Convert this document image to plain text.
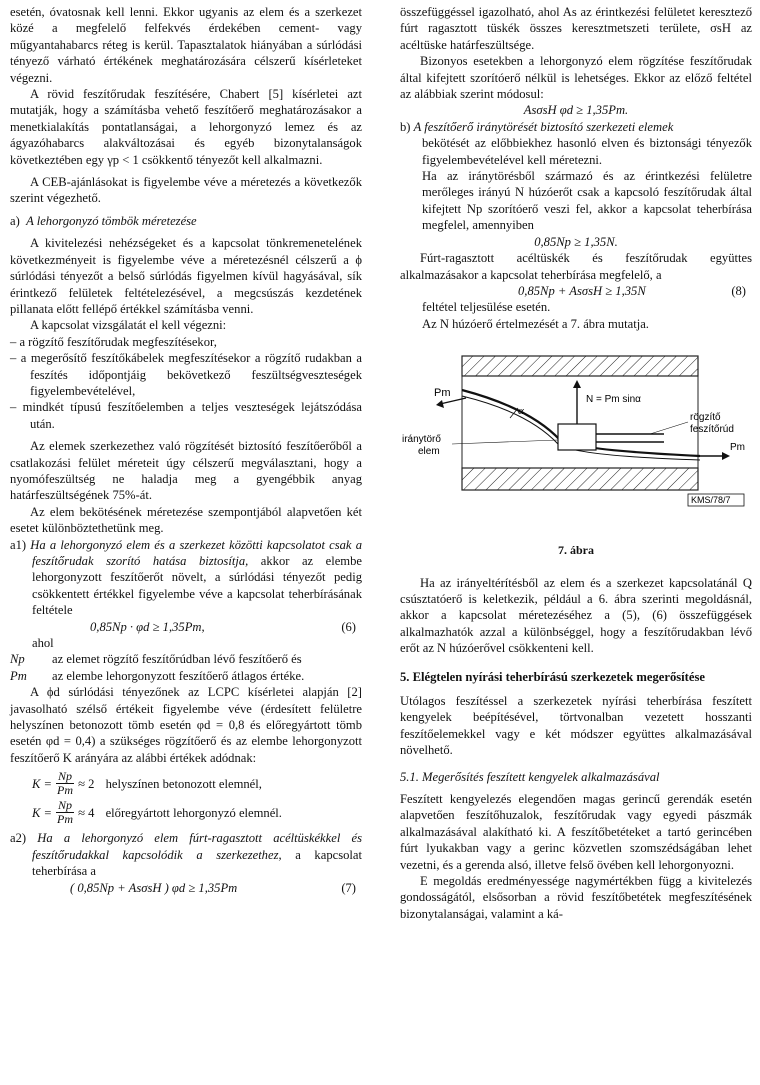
esetén, óvatosnak kell lenni. Ekkor ugyanis az elem és a szerkezet közé a megfelelő felfekvés érdekében cement- vagy műgyantahabarcs réteg is kerül. Tapasztalatok hiányában a súrlódási tényező várható értékének meghatározására célszerű kísérleteket végezni.

A rövid feszítőrudak feszítésére, Chabert [5] kísérletei azt mutatják, hogy a számításba vehető feszítőerő meghatározásakor a menetkialakítás pontatlanságai, a lehorgonyzó lemez és az ágyazóhabarcs alakváltozásai és egyéb bizonytalanságok következtében egy γp < 1 csökkentő tényezőt kell alkalmazni.

A CEB-ajánlásokat is figyelembe véve a méretezés a következők szerint végezhető.

a) A lehorgonyzó tömbök méretezése

A kivitelezési nehézségeket és a kapcsolat tönkremenetelének következményeit is figyelembe véve a méretezésnél célszerű a ϕ súrlódási tényezőt a belső súrlódás figyelmen kívül hagyásával, sík érintkező felületek feltételezésével, a megcsúszás kezdetének pillanata előtt fellépő értékkel számításba venni.

A kapcsolat vizsgálatát el kell végezni:

– a rögzítő feszítőrudak megfeszítésekor,

– a megerősítő feszítőkábelek megfeszítésekor a rögzítő rudakban a feszítés időpontjáig bekövetkező feszültségveszteségek figyelembevételével,

– mindkét típusú feszítőelemben a teljes veszteségek lejátszódása után.

Az elemek szerkezethez való rögzítését biztosító feszítőerőből a csatlakozási felület méreteit úgy célszerű megválasztani, hogy a nyomófeszültség ne haladja meg a gyengébbik anyag határfeszültségének 75%-át.

Az elem bekötésének méretezése szempontjából alapvetően két esetet különböztethetünk meg.

a1) Ha a lehorgonyzó elem és a szerkezet közötti kapcsolatot csak a feszítőrudak szorító hatása biztosítja, akkor az elembe lehorgonyzott feszítőerőt növelt, a súrlódási tényezőt pedig csökkentett értékkel figyelembe véve a kapcsolat teherbírásának feltétele

0,85Np · φd ≥ 1,35Pm,	(6)

ahol

Np	az elemet rögzítő feszítőrúdban lévő feszítőerő és
Pm	az elembe lehorgonyzott feszítőerő átlagos értéke.

A ϕd súrlódási tényezőnek az LCPC kísérletei alapján [2] javasolható szélső értékeit figyelembe véve (érdesített felületre helyszínen betonozott tömb esetén φd = 0,8 és előregyártott tömb esetén φd = 0,4) a szükséges rögzítőerő és az elembe lehorgonyzott feszítőerő K arányára az alábbi értékek adódnak:

$K = \frac{Np}{Pm} \approx 2$
helyszínen betonozott elemnél,
$K = \frac{Np}{Pm} \approx 4$
előregyártott lehorgonyzó elemnél.

a2) Ha a lehorgonyzó elem fúrt-ragasztott acéltüskékkel és feszítőrudakkal kapcsolódik a szerkezethez, a kapcsolat teherbírása a

( 0,85Np + AsσsH ) φd ≥ 1,35Pm	(7)

összefüggéssel igazolható, ahol As az érintkezési felületet keresztező fúrt ragasztott tüskék összes keresztmetszeti területe, σsH az acéltüske határfeszültsége.

Bizonyos esetekben a lehorgonyzó elem rögzítése feszítőrudak által kifejtett szorítóerő nélkül is lehetséges. Ekkor az előző feltétel az alábbiak szerint módosul:

AsσsH φd ≥ 1,35Pm.

b) A feszítőerő iránytörését biztosító szerkezeti elemek

bekötését az előbbiekhez hasonló elven és biztonsági tényezők figyelembevételével kell méretezni.

Ha az iránytörésből származó és az érintkezési felületre merőleges irányú N húzóerőt csak a kapcsoló feszítőrudak által kifejtett Np szorítóerő veszi fel, akkor a kapcsolat teherbírása megfelel, amennyiben

0,85Np ≥ 1,35N.

Fúrt-ragasztott acéltüskék és feszítőrudak együttes alkalmazásakor a kapcsolat teherbírása megfelelő, a

0,85Np + AsσsH ≥ 1,35N	(8)

feltétel teljesülése esetén.

Az N húzóerő értelmezését a 7. ábra mutatja.

Pm
N = Pm sinα
α
rögzítő
feszítőrúd
iránytörő
elem	Pm
KMS/78/7

7. ábra

Ha az irányeltérítésből az elem és a szerkezet kapcsolatánál Q csúsztatóerő is keletkezik, például a 6. ábra szerinti megoldásnál, akkor a kapcsolat méretezéséhez a (5), (6) összefüggések alkalmazhatók azzal a különbséggel, hogy a feszítőrudakban lévő erőt az N húzóerővel csökkenteni kell.

5. Elégtelen nyírási teherbírású szerkezetek megerősítése

Utólagos feszítéssel a szerkezetek nyírási teherbírása feszített kengyelek beépítésével, törtvonalban vezetett hosszanti feszítőelemekkel vagy e két módszer együttes alkalmazásával növelhető.

5.1. Megerősítés feszített kengyelek alkalmazásával

Feszített kengyelezés elegendően magas gerincű gerendák esetén alapvetően feszítőhuzalok, feszítőrudak vagy egyedi pászmák alkalmazásával alakítható ki. A feszítőbetéteket a tartó gerincében fúrt lyukakban vagy a gerinc közvetlen szomszédságában lehet vezetni, és a gerenda alsó, illetve felső övében kell lehorgonyozni.

E megoldás eredményessége nagymértékben függ a kivitelezés gondosságától, elsősorban a rövid feszítőbetétek megfeszítésének bizonytalanságai, valamint a ká-
